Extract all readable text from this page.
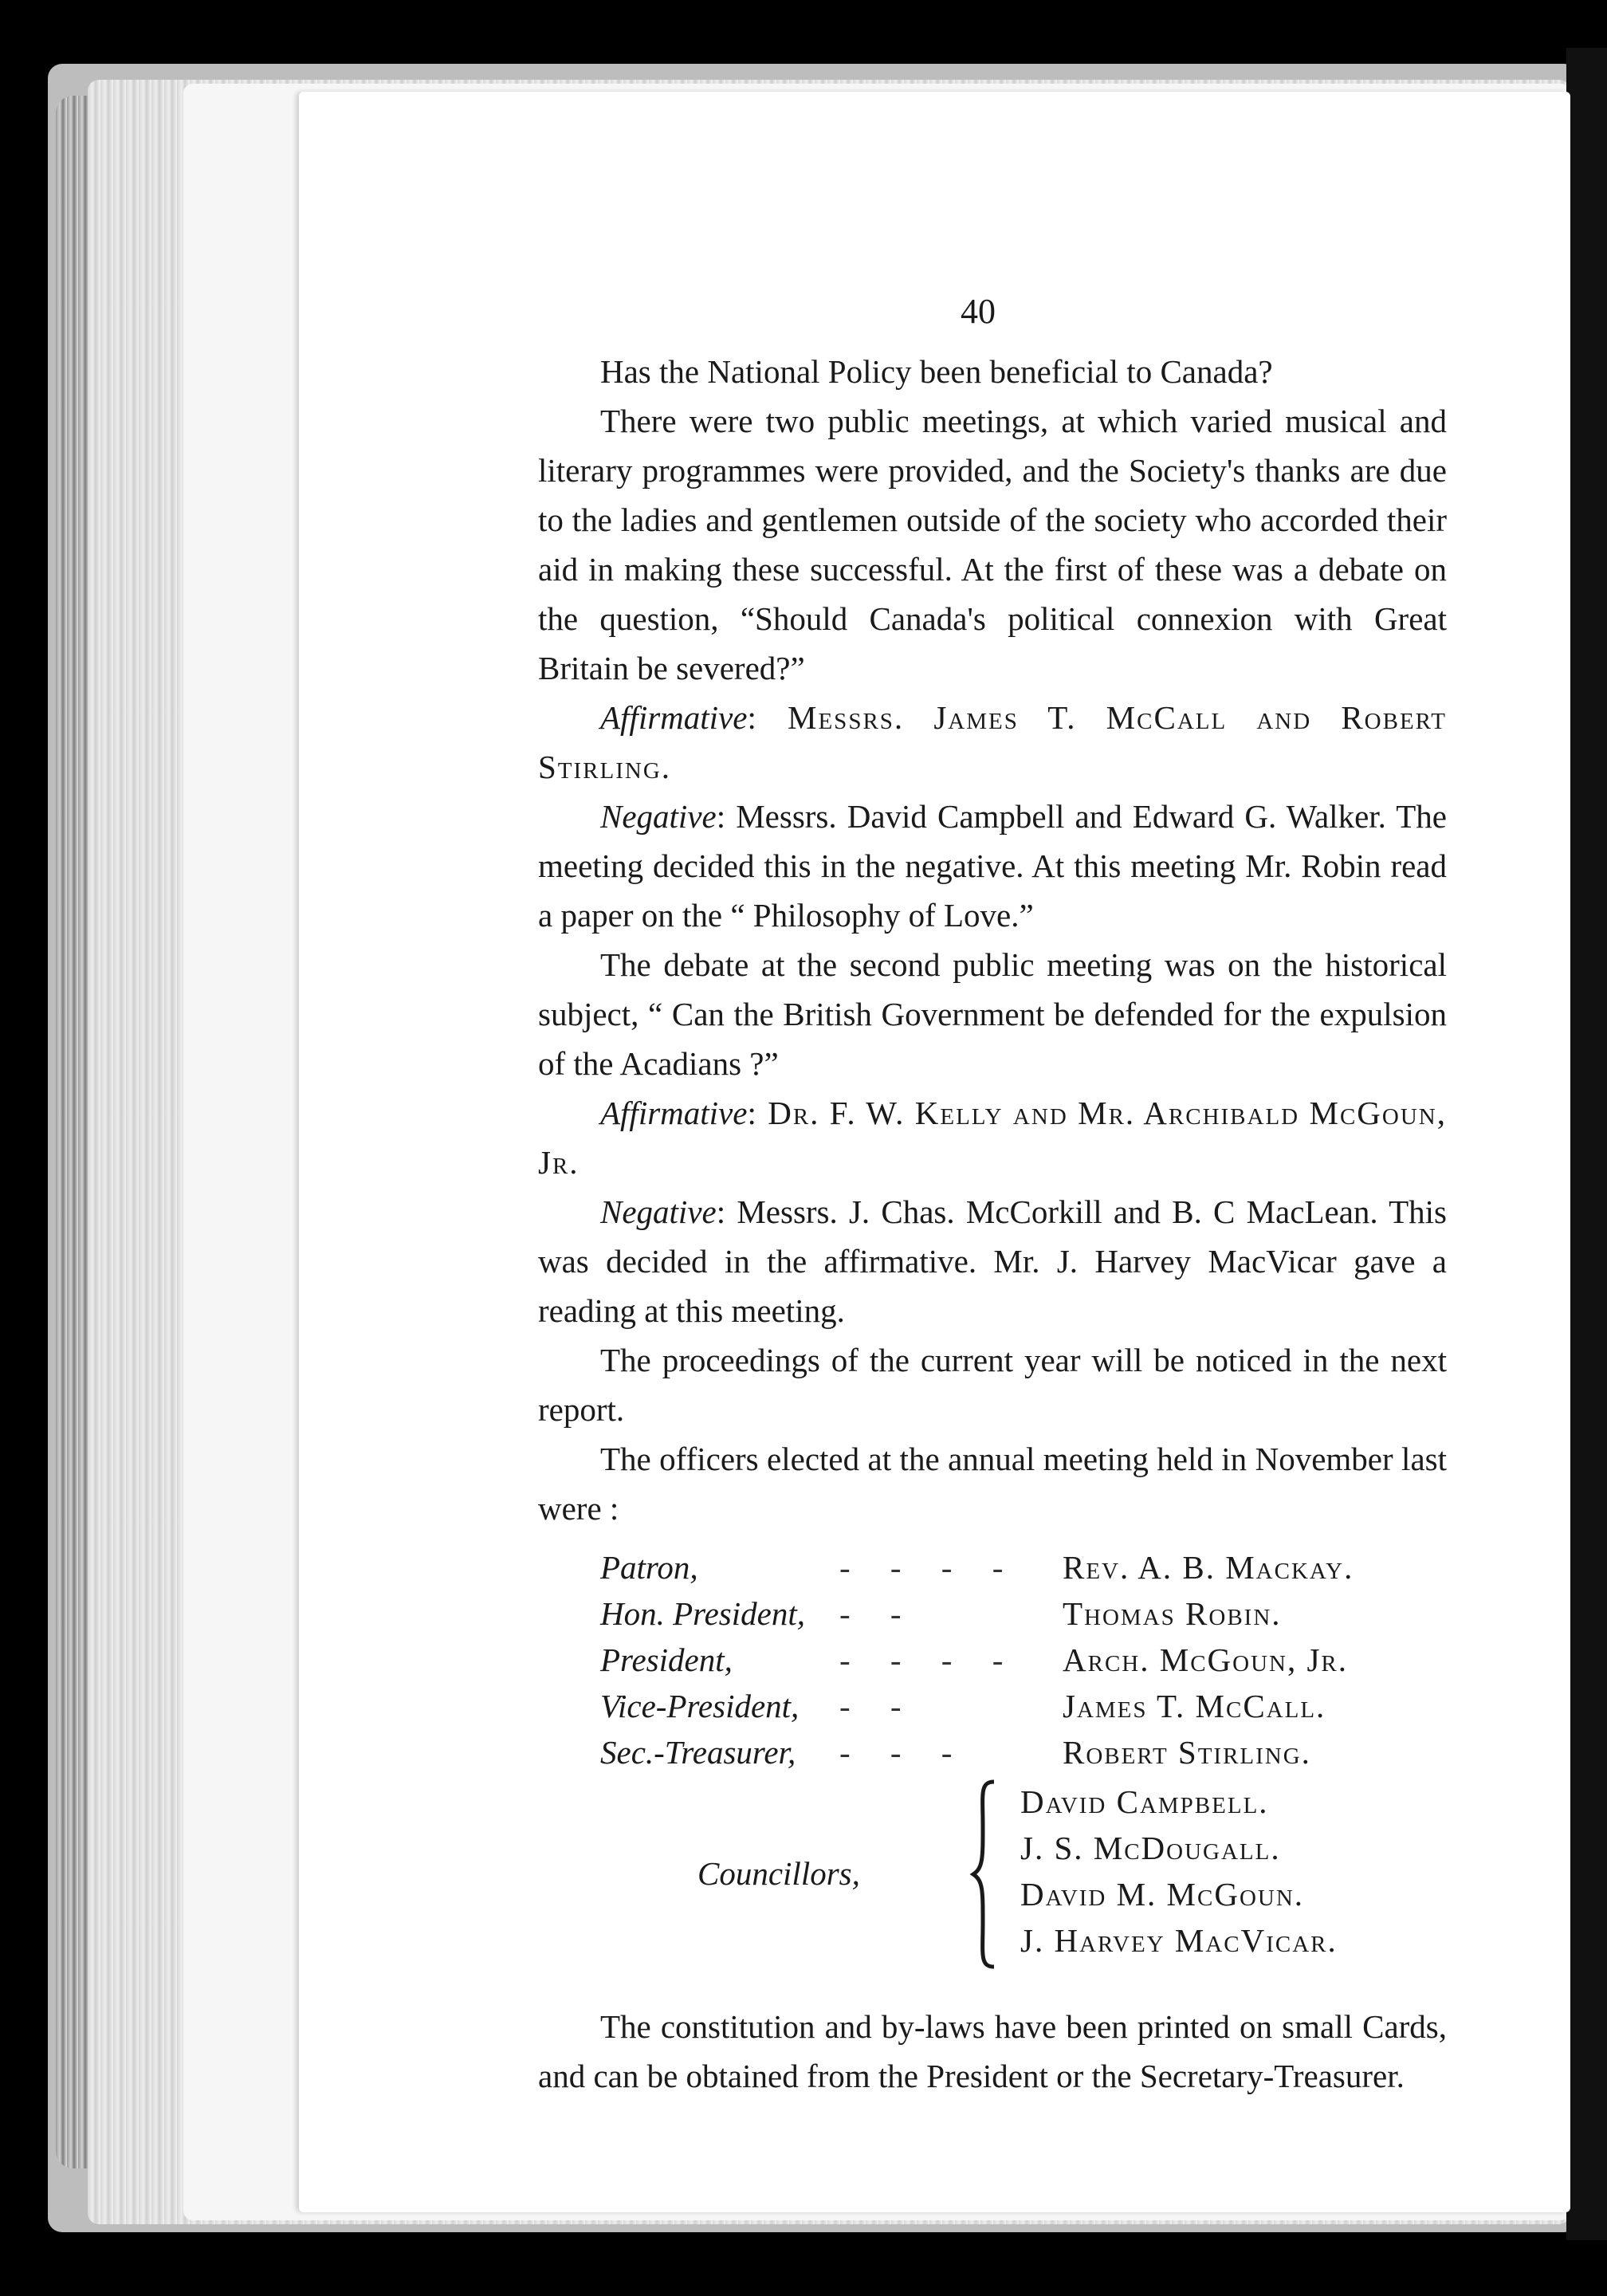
40

Has the National Policy been beneficial to Canada?

There were two public meetings, at which varied musical and literary programmes were provided, and the Society's thanks are due to the ladies and gentlemen outside of the society who accorded their aid in making these successful. At the first of these was a debate on the question, “Should Canada's political connexion with Great Britain be severed?”

Affirmative: Messrs. James T. McCall and Robert Stirling.

Negative: Messrs. David Campbell and Edward G. Walker. The meeting decided this in the negative. At this meeting Mr. Robin read a paper on the “ Philosophy of Love.”

The debate at the second public meeting was on the historical subject, “ Can the British Government be defended for the expulsion of the Acadians ?”

Affirmative: Dr. F. W. Kelly and Mr. Archibald McGoun, Jr.

Negative: Messrs. J. Chas. McCorkill and B. C MacLean. This was decided in the affirmative. Mr. J. Harvey MacVicar gave a reading at this meeting.

The proceedings of the current year will be noticed in the next report.

The officers elected at the annual meeting held in November last were :

Patron,	- - - -	Rev. A. B. Mackay.
Hon. President,	- -	Thomas Robin.
President,	- - - -	Arch. McGoun, Jr.
Vice-President,	- -	James T. McCall.
Sec.-Treasurer,	- - -	Robert Stirling.
Councillors,
David Campbell.
J. S. McDougall.
David M. McGoun.
J. Harvey MacVicar.

The constitution and by-laws have been printed on small Cards, and can be obtained from the President or the Secretary-Treasurer.
